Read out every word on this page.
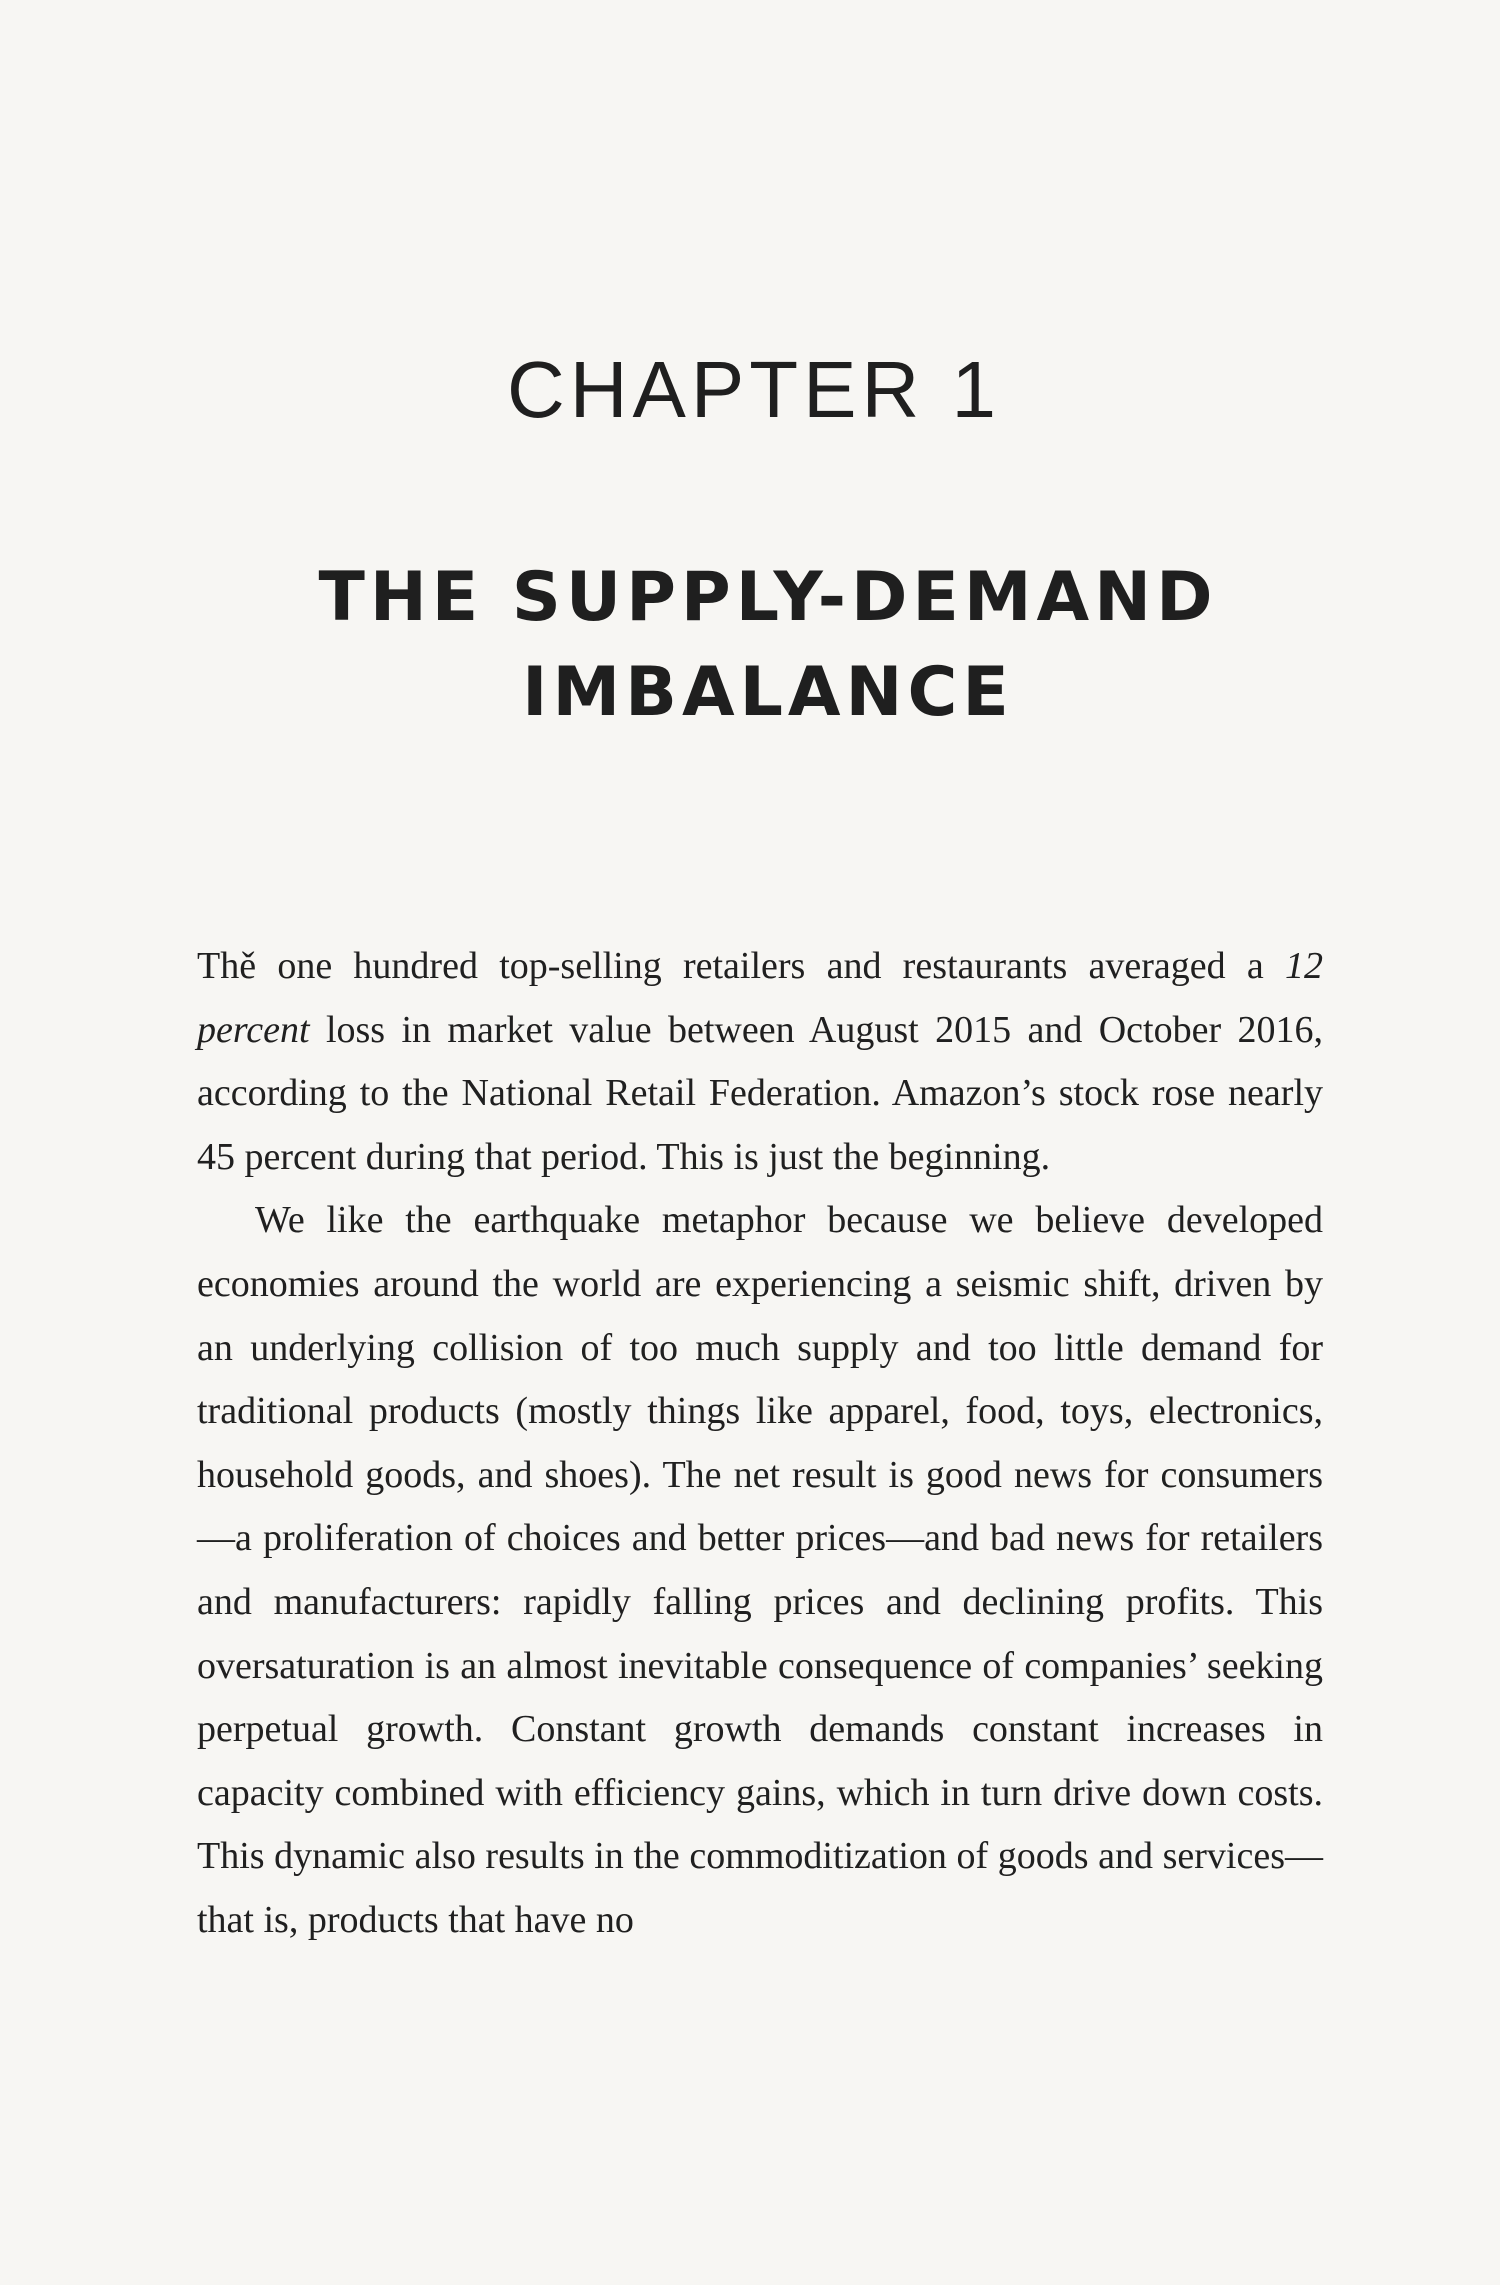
CHAPTER 1
THE SUPPLY-DEMAND
IMBALANCE

Thě one hundred top-selling retailers and restaurants averaged a 12 percent loss in market value between August 2015 and October 2016, according to the National Retail Federation. Amazon’s stock rose nearly 45 percent during that period. This is just the beginning.

We like the earthquake metaphor because we believe developed economies around the world are experiencing a seismic shift, driven by an underlying collision of too much supply and too little demand for traditional products (mostly things like apparel, food, toys, electronics, household goods, and shoes). The net result is good news for consumers—a proliferation of choices and better prices—and bad news for retailers and manufacturers: rapidly falling prices and declining profits. This oversaturation is an almost inevitable consequence of companies’ seeking perpetual growth. Constant growth demands constant increases in capacity combined with efficiency gains, which in turn drive down costs. This dynamic also results in the commoditization of goods and services—that is, products that have no
